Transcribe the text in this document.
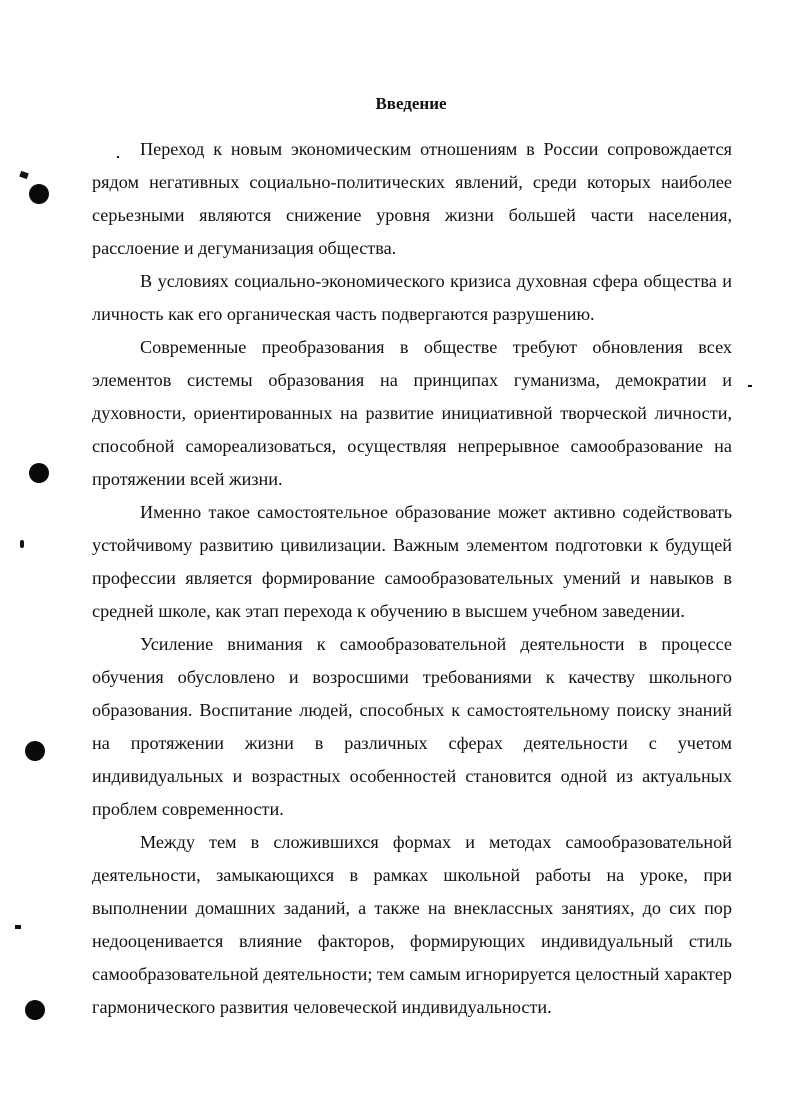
Введение

Переход к новым экономическим отношениям в России сопровождается рядом негативных социально-политических явлений, среди которых наиболее серьезными являются снижение уровня жизни большей части населения, расслоение и дегуманизация общества.

В условиях социально-экономического кризиса духовная сфера общества и личность как его органическая часть подвергаются разрушению.

Современные преобразования в обществе требуют обновления всех элементов системы образования на принципах гуманизма, демократии и духовности, ориентированных на развитие инициативной творческой личности, способной самореализоваться, осуществляя непрерывное самообразование на протяжении всей жизни.

Именно такое самостоятельное образование может активно содействовать устойчивому развитию цивилизации. Важным элементом подготовки к будущей профессии является формирование самообразовательных умений и навыков в средней школе, как этап перехода к обучению в высшем учебном заведении.

Усиление внимания к самообразовательной деятельности в процессе обучения обусловлено и возросшими требованиями к качеству школьного образования. Воспитание людей, способных к самостоятельному поиску знаний на протяжении жизни в различных сферах деятельности с учетом индивидуальных и возрастных особенностей становится одной из актуальных проблем современности.

Между тем в сложившихся формах и методах самообразовательной деятельности, замыкающихся в рамках школьной работы на уроке, при выполнении домашних заданий, а также на внеклассных занятиях, до сих пор недооценивается влияние факторов, формирующих индивидуальный стиль самообразовательной деятельности; тем самым игнорируется целостный характер гармонического развития человеческой индивидуальности.
